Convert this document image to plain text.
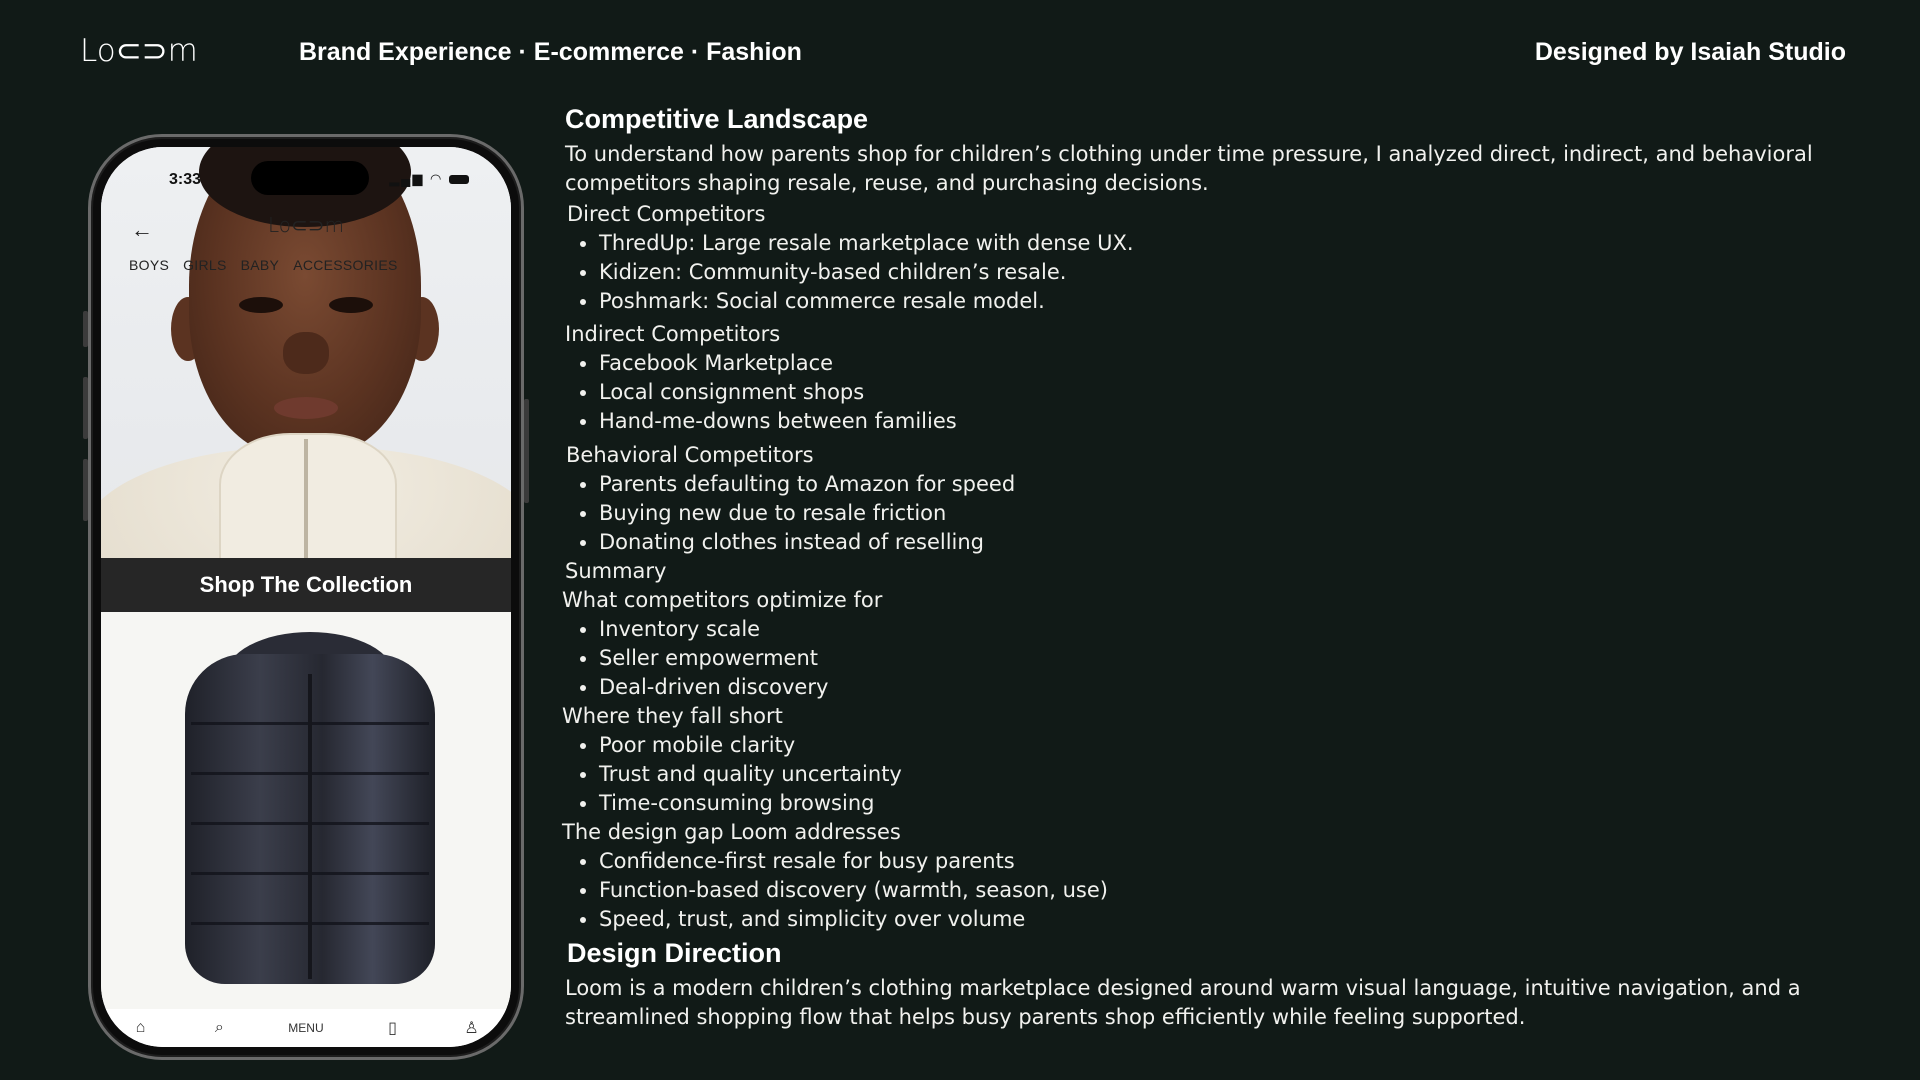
Lo⊂⊃m	Brand Experience · E-commerce · Fashion	Designed by Isaiah Studio
3:33	▂▄▆ ◠
←	Lo⊂⊃m
BOYS GIRLS BABY ACCESSORIES
Shop The Collection
⌂	⌕	MENU	▯	♙
Competitive Landscape

To understand how parents shop for children’s clothing under time pressure, I analyzed direct, indirect, and behavioral competitors shaping resale, reuse, and purchasing decisions.

Direct Competitors

• ThredUp: Large resale marketplace with dense UX.
• Kidizen: Community-based children’s resale.
• Poshmark: Social commerce resale model.

Indirect Competitors

• Facebook Marketplace
• Local consignment shops
• Hand-me-downs between families

Behavioral Competitors

• Parents defaulting to Amazon for speed
• Buying new due to resale friction
• Donating clothes instead of reselling

Summary

What competitors optimize for

• Inventory scale
• Seller empowerment
• Deal-driven discovery

Where they fall short

• Poor mobile clarity
• Trust and quality uncertainty
• Time-consuming browsing

The design gap Loom addresses

• Confidence-first resale for busy parents
• Function-based discovery (warmth, season, use)
• Speed, trust, and simplicity over volume
Design Direction

Loom is a modern children’s clothing marketplace designed around warm visual language, intuitive navigation, and a streamlined shopping flow that helps busy parents shop efficiently while feeling supported.
